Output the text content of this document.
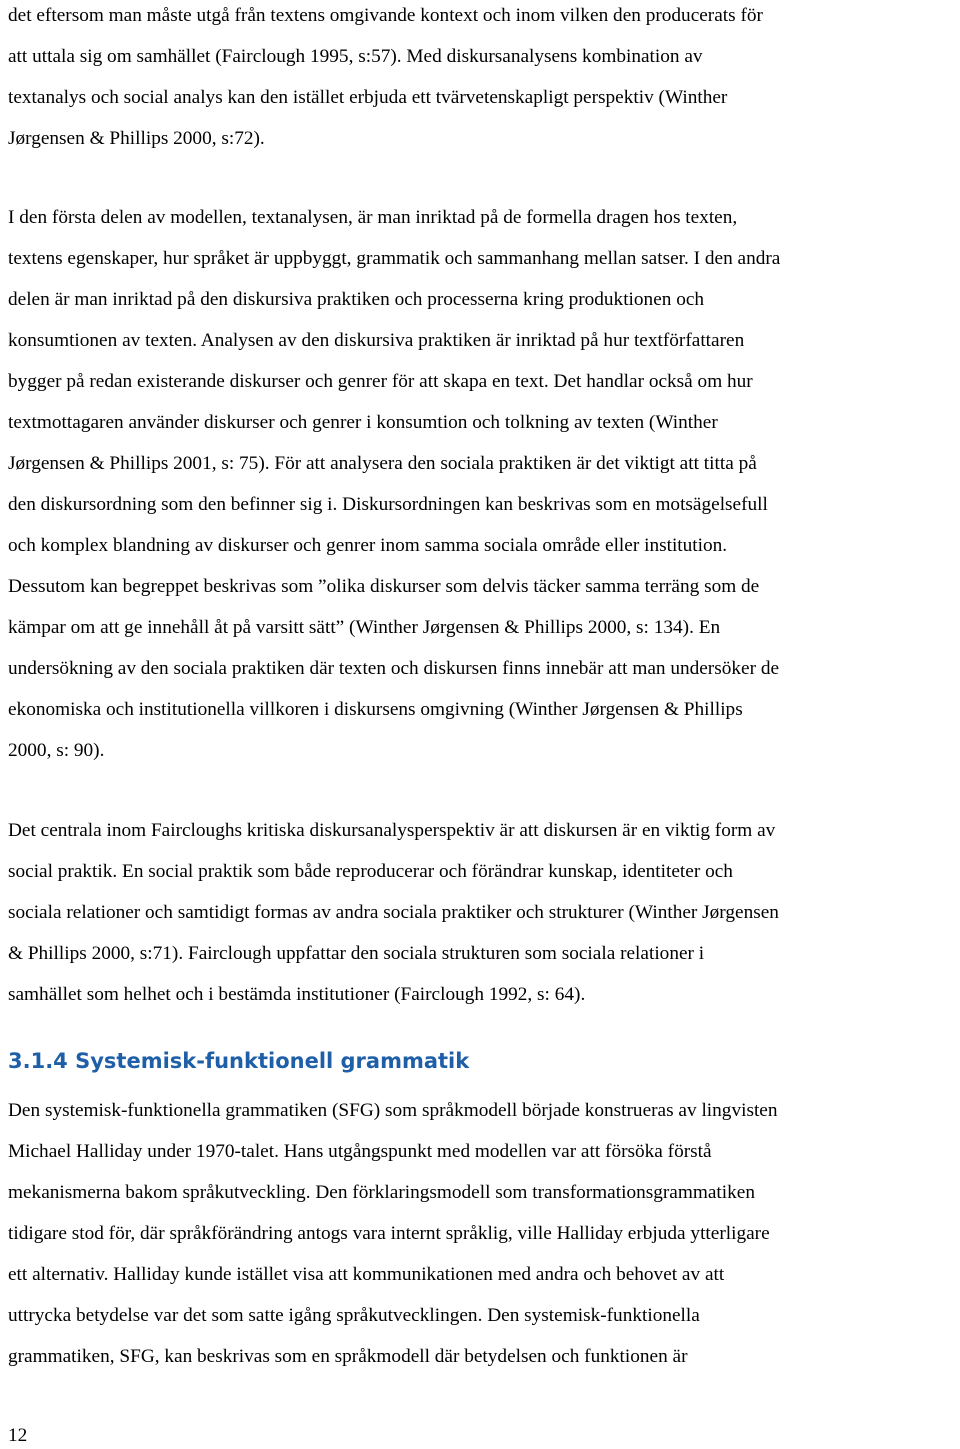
det eftersom man måste utgå från textens omgivande kontext och inom vilken den producerats för
att uttala sig om samhället (Fairclough 1995, s:57). Med diskursanalysens kombination av
textanalys och social analys kan den istället erbjuda ett tvärvetenskapligt perspektiv (Winther
Jørgensen & Phillips 2000, s:72).
I den första delen av modellen, textanalysen, är man inriktad på de formella dragen hos texten,
textens egenskaper, hur språket är uppbyggt, grammatik och sammanhang mellan satser. I den andra
delen är man inriktad på den diskursiva praktiken och processerna kring produktionen och
konsumtionen av texten. Analysen av den diskursiva praktiken är inriktad på hur textförfattaren
bygger på redan existerande diskurser och genrer för att skapa en text. Det handlar också om hur
textmottagaren använder diskurser och genrer i konsumtion och tolkning av texten (Winther
Jørgensen & Phillips 2001, s: 75). För att analysera den sociala praktiken är det viktigt att titta på
den diskursordning som den befinner sig i. Diskursordningen kan beskrivas som en motsägelsefull
och komplex blandning av diskurser och genrer inom samma sociala område eller institution.
Dessutom kan begreppet beskrivas som ”olika diskurser som delvis täcker samma terräng som de
kämpar om att ge innehåll åt på varsitt sätt” (Winther Jørgensen & Phillips 2000, s: 134). En
undersökning av den sociala praktiken där texten och diskursen finns innebär att man undersöker de
ekonomiska och institutionella villkoren i diskursens omgivning (Winther Jørgensen & Phillips
2000, s: 90).
Det centrala inom Faircloughs kritiska diskursanalysperspektiv är att diskursen är en viktig form av
social praktik. En social praktik som både reproducerar och förändrar kunskap, identiteter och
sociala relationer och samtidigt formas av andra sociala praktiker och strukturer (Winther Jørgensen
& Phillips 2000, s:71). Fairclough uppfattar den sociala strukturen som sociala relationer i
samhället som helhet och i bestämda institutioner (Fairclough 1992, s: 64).
3.1.4 Systemisk-funktionell grammatik
Den systemisk-funktionella grammatiken (SFG) som språkmodell började konstrueras av lingvisten
Michael Halliday under 1970-talet. Hans utgångspunkt med modellen var att försöka förstå
mekanismerna bakom språkutveckling. Den förklaringsmodell som transformationsgrammatiken
tidigare stod för, där språkförändring antogs vara internt språklig, ville Halliday erbjuda ytterligare
ett alternativ. Halliday kunde istället visa att kommunikationen med andra och behovet av att
uttrycka betydelse var det som satte igång språkutvecklingen. Den systemisk-funktionella
grammatiken, SFG, kan beskrivas som en språkmodell där betydelsen och funktionen är
12
